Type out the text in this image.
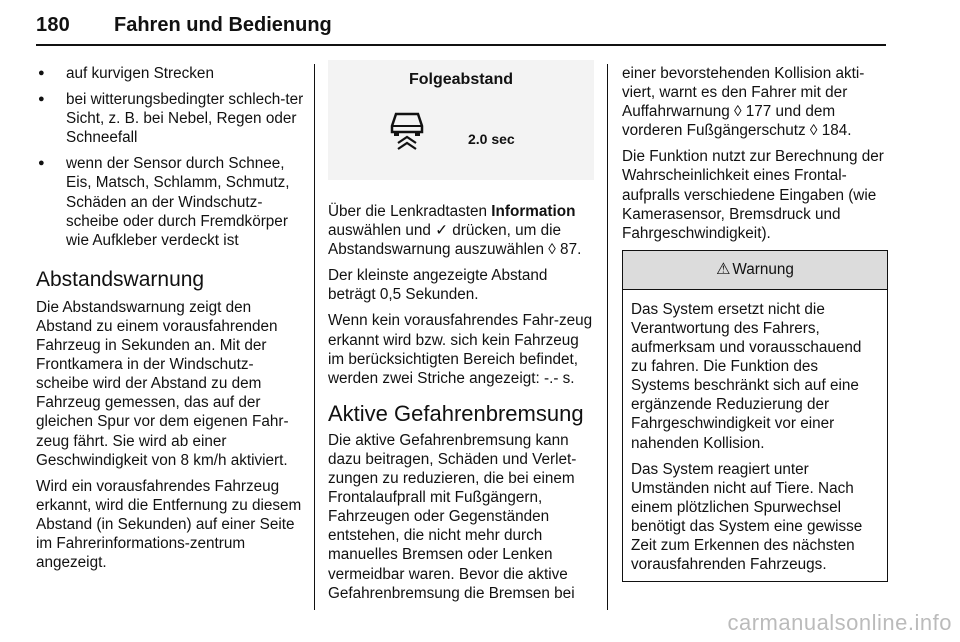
180 Fahren und Bedienung
● auf kurvigen Strecken
● bei witterungsbedingter schlech-ter Sicht, z. B. bei Nebel, Regen oder Schneefall
● wenn der Sensor durch Schnee, Eis, Matsch, Schlamm, Schmutz, Schäden an der Windschutz-scheibe oder durch Fremdkörper wie Aufkleber verdeckt ist
Abstandswarnung

Die Abstandswarnung zeigt den Abstand zu einem vorausfahrenden Fahrzeug in Sekunden an. Mit der Frontkamera in der Windschutz-scheibe wird der Abstand zu dem Fahrzeug gemessen, das auf der gleichen Spur vor dem eigenen Fahr-zeug fährt. Sie wird ab einer Geschwindigkeit von 8 km/h aktiviert.

Wird ein vorausfahrendes Fahrzeug erkannt, wird die Entfernung zu diesem Abstand (in Sekunden) auf einer Seite im Fahrerinformations-zentrum angezeigt.

Folgeabstand
2.0 sec

Über die Lenkradtasten Information auswählen und ✓ drücken, um die Abstandswarnung auszuwählen ◊ 87.

Der kleinste angezeigte Abstand beträgt 0,5 Sekunden.

Wenn kein vorausfahrendes Fahr-zeug erkannt wird bzw. sich kein Fahrzeug im berücksichtigten Bereich befindet, werden zwei Striche angezeigt: -.- s.

Aktive Gefahrenbremsung

Die aktive Gefahrenbremsung kann dazu beitragen, Schäden und Verlet-zungen zu reduzieren, die bei einem Frontalaufprall mit Fußgängern, Fahrzeugen oder Gegenständen entstehen, die nicht mehr durch manuelles Bremsen oder Lenken vermeidbar waren. Bevor die aktive Gefahrenbremsung die Bremsen bei

einer bevorstehenden Kollision akti-viert, warnt es den Fahrer mit der Auffahrwarnung ◊ 177 und dem vorderen Fußgängerschutz ◊ 184.

Die Funktion nutzt zur Berechnung der Wahrscheinlichkeit eines Frontal-aufpralls verschiedene Eingaben (wie Kamerasensor, Bremsdruck und Fahrgeschwindigkeit).

⚠ Warnung

Das System ersetzt nicht die Verantwortung des Fahrers, aufmerksam und vorausschauend zu fahren. Die Funktion des Systems beschränkt sich auf eine ergänzende Reduzierung der Fahrgeschwindigkeit vor einer nahenden Kollision.

Das System reagiert unter Umständen nicht auf Tiere. Nach einem plötzlichen Spurwechsel benötigt das System eine gewisse Zeit zum Erkennen des nächsten vorausfahrenden Fahrzeugs.

carmanualsonline.info
